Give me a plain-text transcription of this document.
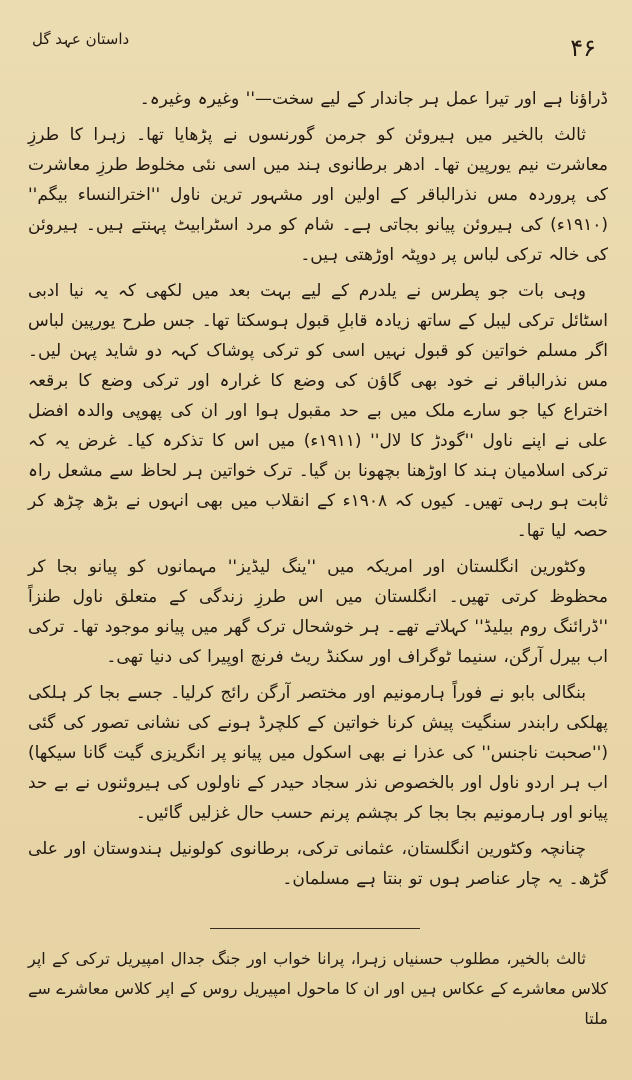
داستان عہد گل	۴۶

ڈراؤنا ہے اور تیرا عمل ہر جاندار کے لیے سخت—'' وغیرہ وغیرہ۔

ثالث بالخیر میں ہیروئن کو جرمن گورنسوں نے پڑھایا تھا۔ زہرا کا طرزِ معاشرت نیم یورپین تھا۔ ادھر برطانوی ہند میں اسی نئی مخلوط طرزِ معاشرت کی پروردہ مس نذرالباقر کے اولین اور مشہور ترین ناول ''اخترالنساء بیگم'' (۱۹۱۰ء) کی ہیروئن پیانو بجاتی ہے۔ شام کو مرد اسٹرابیٹ پہنتے ہیں۔ ہیروئن کی خالہ ترکی لباس پر دوپٹہ اوڑھتی ہیں۔

وہی بات جو پطرس نے یلدرم کے لیے بہت بعد میں لکھی کہ یہ نیا ادبی اسٹائل ترکی لیبل کے ساتھ زیادہ قابلِ قبول ہوسکتا تھا۔ جس طرح یورپین لباس اگر مسلم خواتین کو قبول نہیں اسی کو ترکی پوشاک کہہ دو شاید پہن لیں۔ مس نذرالباقر نے خود بھی گاؤن کی وضع کا غرارہ اور ترکی وضع کا برقعہ اختراع کیا جو سارے ملک میں بے حد مقبول ہوا اور ان کی پھوپی والدہ افضل علی نے اپنے ناول ''گودڑ کا لال'' (۱۹۱۱ء) میں اس کا تذکرہ کیا۔ غرض یہ کہ ترکی اسلامیان ہند کا اوڑھنا بچھونا بن گیا۔ ترک خواتین ہر لحاظ سے مشعل راہ ثابت ہو رہی تھیں۔ کیوں کہ ۱۹۰۸ء کے انقلاب میں بھی انہوں نے بڑھ چڑھ کر حصہ لیا تھا۔

وکٹورین انگلستان اور امریکہ میں ''ینگ لیڈیز'' مہمانوں کو پیانو بجا کر محظوظ کرتی تھیں۔ انگلستان میں اس طرزِ زندگی کے متعلق ناول طنزاً ''ڈرائنگ روم بیلیڈ'' کہلاتے تھے۔ ہر خوشحال ترک گھر میں پیانو موجود تھا۔ ترکی اب بیرل آرگن، سنیما ٹوگراف اور سکنڈ ریٹ فرنچ اوپیرا کی دنیا تھی۔

بنگالی بابو نے فوراً ہارمونیم اور مختصر آرگن رائج کرلیا۔ جسے بجا کر ہلکی پھلکی رابندر سنگیت پیش کرنا خواتین کے کلچرڈ ہونے کی نشانی تصور کی گئی (''صحبت ناجنس'' کی عذرا نے بھی اسکول میں پیانو پر انگریزی گیت گانا سیکھا) اب ہر اردو ناول اور بالخصوص نذر سجاد حیدر کے ناولوں کی ہیروئنوں نے بے حد پیانو اور ہارمونیم بجا بجا کر بچشم پرنم حسب حال غزلیں گائیں۔

چنانچہ وکٹورین انگلستان، عثمانی ترکی، برطانوی کولونیل ہندوستان اور علی گڑھ۔ یہ چار عناصر ہوں تو بنتا ہے مسلمان۔

ثالث بالخیر، مطلوب حسنیاں زہرا، پرانا خواب اور جنگ جدال امپیریل ترکی کے اپر کلاس معاشرے کے عکاس ہیں اور ان کا ماحول امپیریل روس کے اپر کلاس معاشرے سے ملتا
